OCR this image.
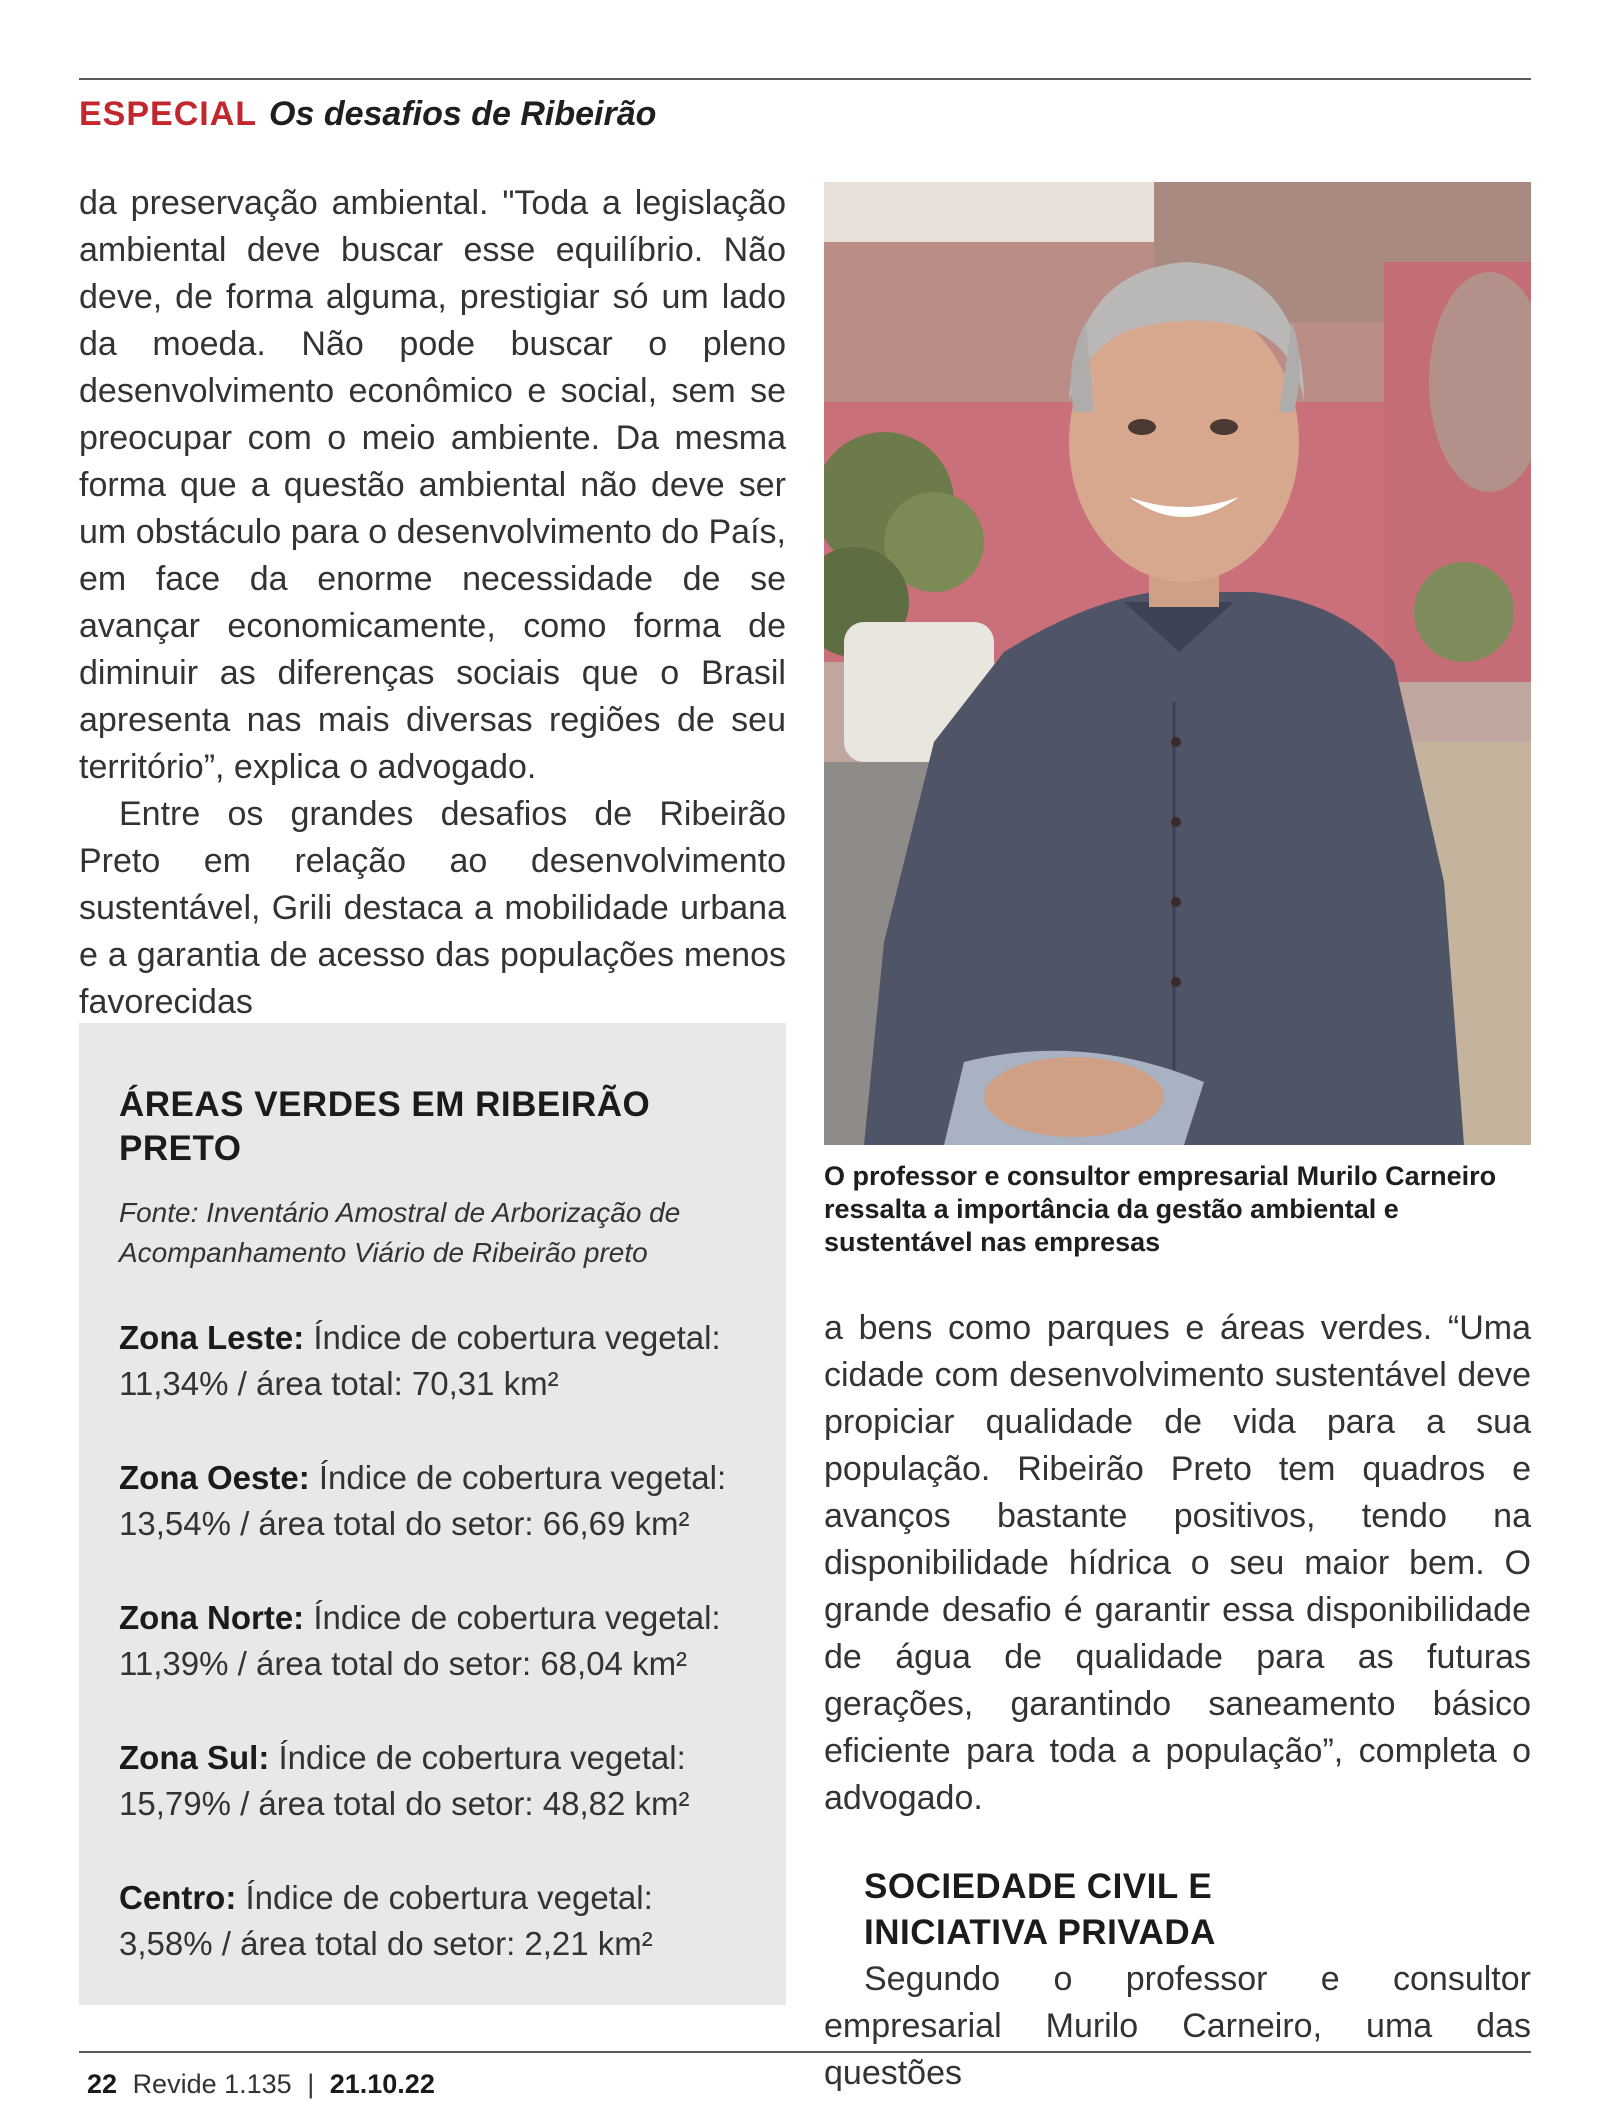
ESPECIAL Os desafios de Ribeirão

da preservação ambiental. "Toda a legislação ambiental deve buscar esse equilíbrio. Não deve, de forma alguma, prestigiar só um lado da moeda. Não pode buscar o pleno desenvolvimento econômico e social, sem se preocupar com o meio ambiente. Da mesma forma que a questão ambiental não deve ser um obstáculo para o desenvolvimento do País, em face da enorme necessidade de se avançar economicamente, como forma de diminuir as diferenças sociais que o Brasil apresenta nas mais diversas regiões de seu território”, explica o advogado.

Entre os grandes desafios de Ribeirão Preto em relação ao desenvolvimento sustentável, Grili destaca a mobilidade urbana e a garantia de acesso das populações menos favorecidas

O professor e consultor empresarial Murilo Carneiro ressalta a importância da gestão ambiental e sustentável nas empresas

ÁREAS VERDES EM RIBEIRÃO PRETO

Fonte: Inventário Amostral de Arborização de Acompanhamento Viário de Ribeirão preto

Zona Leste: Índice de cobertura vegetal: 11,34% / área total: 70,31 km²

Zona Oeste: Índice de cobertura vegetal: 13,54% / área total do setor: 66,69 km²

Zona Norte: Índice de cobertura vegetal: 11,39% / área total do setor: 68,04 km²

Zona Sul: Índice de cobertura vegetal: 15,79% / área total do setor: 48,82 km²

Centro: Índice de cobertura vegetal: 3,58% / área total do setor: 2,21 km²

a bens como parques e áreas verdes. “Uma cidade com desenvolvimento sustentável deve propiciar qualidade de vida para a sua população. Ribeirão Preto tem quadros e avanços bastante positivos, tendo na disponibilidade hídrica o seu maior bem. O grande desafio é garantir essa disponibilidade de água de qualidade para as futuras gerações, garantindo saneamento básico eficiente para toda a população”, completa o advogado.

SOCIEDADE CIVIL E

INICIATIVA PRIVADA

Segundo o professor e consultor empresarial Murilo Carneiro, uma das questões

22 Revide 1.135 | 21.10.22
